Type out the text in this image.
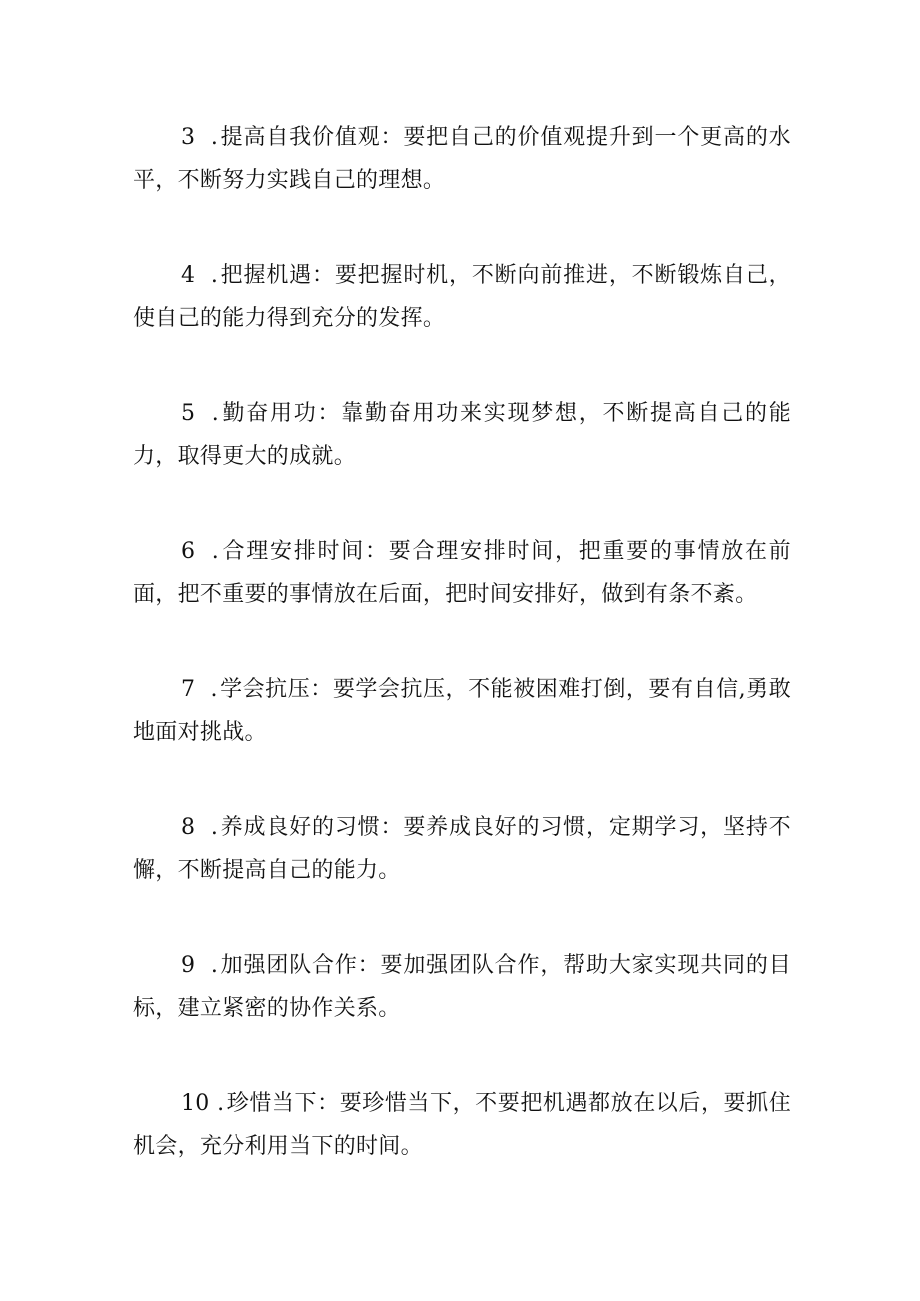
3 .提高自我价值观：要把自己的价值观提升到一个更高的水平，不断努力实践自己的理想。
4 .把握机遇：要把握时机，不断向前推进，不断锻炼自己，使自己的能力得到充分的发挥。
5 .勤奋用功：靠勤奋用功来实现梦想，不断提高自己的能力，取得更大的成就。
6 .合理安排时间：要合理安排时间，把重要的事情放在前面，把不重要的事情放在后面，把时间安排好，做到有条不紊。
7 .学会抗压：要学会抗压，不能被困难打倒，要有自信,勇敢地面对挑战。
8 .养成良好的习惯：要养成良好的习惯，定期学习，坚持不懈，不断提高自己的能力。
9 .加强团队合作：要加强团队合作，帮助大家实现共同的目标，建立紧密的协作关系。
10 .珍惜当下：要珍惜当下，不要把机遇都放在以后，要抓住机会，充分利用当下的时间。
